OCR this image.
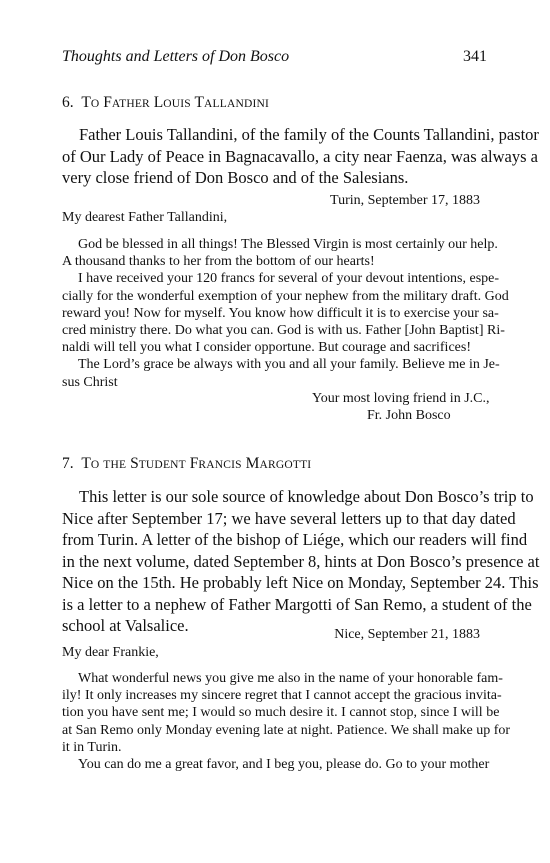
Thoughts and Letters of Don Bosco	341
6. TO FATHER LOUIS TALLANDINI
Father Louis Tallandini, of the family of the Counts Tallandini, pastor
of Our Lady of Peace in Bagnacavallo, a city near Faenza, was always a
very close friend of Don Bosco and of the Salesians.
Turin, September 17, 1883
My dearest Father Tallandini,
God be blessed in all things! The Blessed Virgin is most certainly our help.
A thousand thanks to her from the bottom of our hearts!
I have received your 120 francs for several of your devout intentions, espe-
cially for the wonderful exemption of your nephew from the military draft. God
reward you! Now for myself. You know how difficult it is to exercise your sa-
cred ministry there. Do what you can. God is with us. Father [John Baptist] Ri-
naldi will tell you what I consider opportune. But courage and sacrifices!
The Lord’s grace be always with you and all your family. Believe me in Je-
sus Christ
Your most loving friend in J.C.,
Fr. John Bosco
7. TO THE STUDENT FRANCIS MARGOTTI
This letter is our sole source of knowledge about Don Bosco’s trip to
Nice after September 17; we have several letters up to that day dated
from Turin. A letter of the bishop of Liége, which our readers will find
in the next volume, dated September 8, hints at Don Bosco’s presence at
Nice on the 15th. He probably left Nice on Monday, September 24. This
is a letter to a nephew of Father Margotti of San Remo, a student of the
school at Valsalice.	Nice, September 21, 1883
My dear Frankie,
What wonderful news you give me also in the name of your honorable fam-
ily! It only increases my sincere regret that I cannot accept the gracious invita-
tion you have sent me; I would so much desire it. I cannot stop, since I will be
at San Remo only Monday evening late at night. Patience. We shall make up for
it in Turin.
You can do me a great favor, and I beg you, please do. Go to your mother
